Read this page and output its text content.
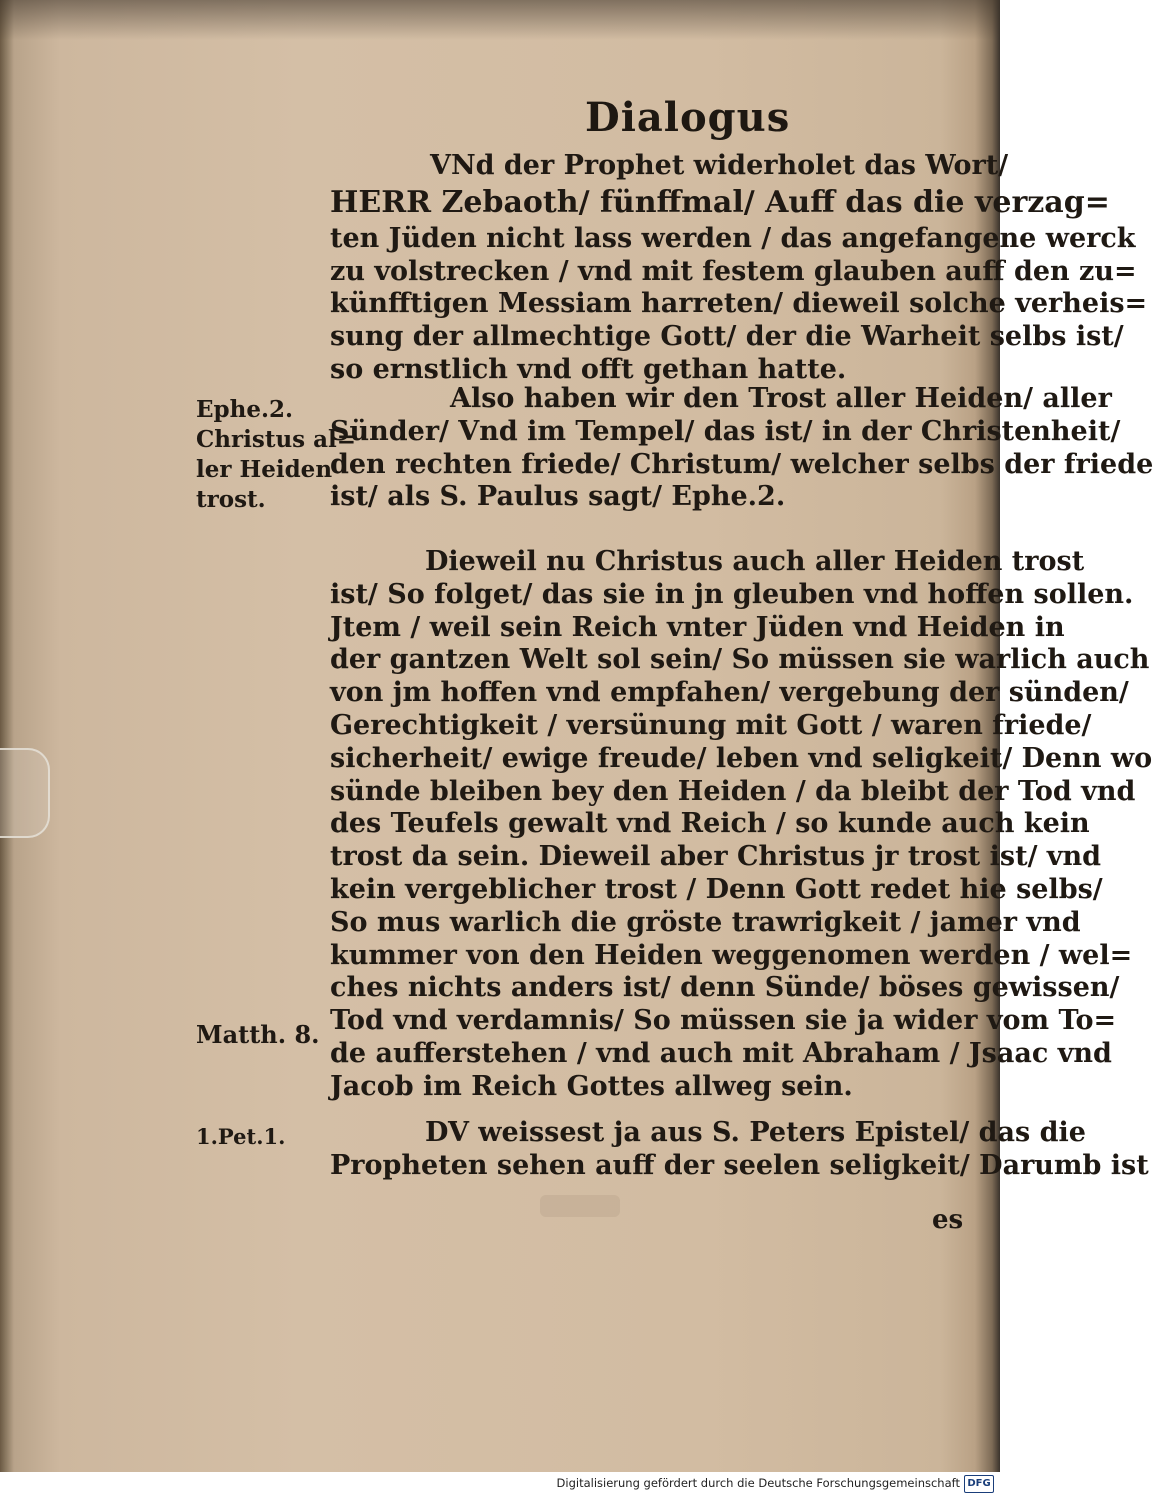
Dialogus
VNd der Prophet widerholet das Wort/
HERR Zebaoth/ fünffmal/ Auff das die verzag=
ten Jüden nicht lass werden / das angefangene werck
zu volstrecken / vnd mit festem glauben auff den zu=
künfftigen Messiam harreten/ dieweil solche verheis=
sung der allmechtige Gott/ der die Warheit selbs ist/
so ernstlich vnd offt gethan hatte.
Also haben wir den Trost aller Heiden/ aller
Sünder/ Vnd im Tempel/ das ist/ in der Christenheit/
den rechten friede/ Christum/ welcher selbs der friede
ist/ als S. Paulus sagt/ Ephe.2.
Dieweil nu Christus auch aller Heiden trost
ist/ So folget/ das sie in jn gleuben vnd hoffen sollen.
Jtem / weil sein Reich vnter Jüden vnd Heiden in
der gantzen Welt sol sein/ So müssen sie warlich auch
von jm hoffen vnd empfahen/ vergebung der sünden/
Gerechtigkeit / versünung mit Gott / waren friede/
sicherheit/ ewige freude/ leben vnd seligkeit/ Denn wo
sünde bleiben bey den Heiden / da bleibt der Tod vnd
des Teufels gewalt vnd Reich / so kunde auch kein
trost da sein. Dieweil aber Christus jr trost ist/ vnd
kein vergeblicher trost / Denn Gott redet hie selbs/
So mus warlich die gröste trawrigkeit / jamer vnd
kummer von den Heiden weggenomen werden / wel=
ches nichts anders ist/ denn Sünde/ böses gewissen/
Tod vnd verdamnis/ So müssen sie ja wider vom To=
de aufferstehen / vnd auch mit Abraham / Jsaac vnd
Jacob im Reich Gottes allweg sein.
DV weissest ja aus S. Peters Epistel/ das die
Propheten sehen auff der seelen seligkeit/ Darumb ist
es
Ephe.2.
Christus al=
ler Heiden
trost.
Matth. 8.
1.Pet.1.
Digitalisierung gefördert durch die Deutsche Forschungsgemeinschaft DFG
